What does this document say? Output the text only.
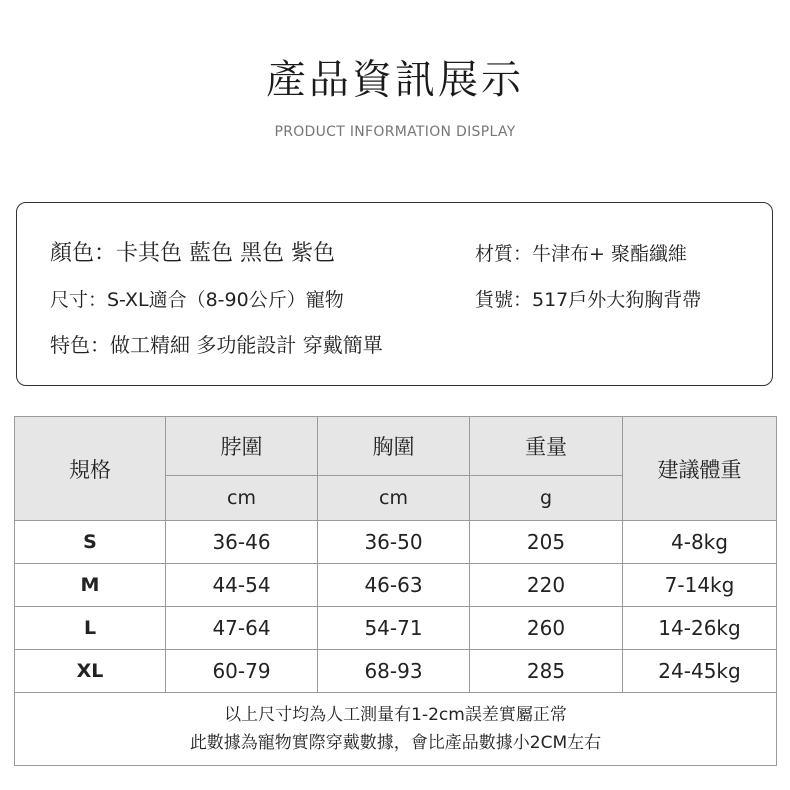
產品資訊展示
PRODUCT INFORMATION DISPLAY
顏色：卡其色 藍色 黑色 紫色	材質：牛津布+ 聚酯纖維
尺寸：S-XL適合（8-90公斤）寵物	貨號：517戶外大狗胸背帶
特色：做工精細 多功能設計 穿戴簡單
規格	脖圍	胸圍	重量	建議體重
	cm	cm	g	
S	36-46	36-50	205	4-8kg
M	44-54	46-63	220	7-14kg
L	47-64	54-71	260	14-26kg
XL	60-79	68-93	285	24-45kg

以上尺寸均為人工測量有1-2cm誤差實屬正常
此數據為寵物實際穿戴數據，會比產品數據小2CM左右				
